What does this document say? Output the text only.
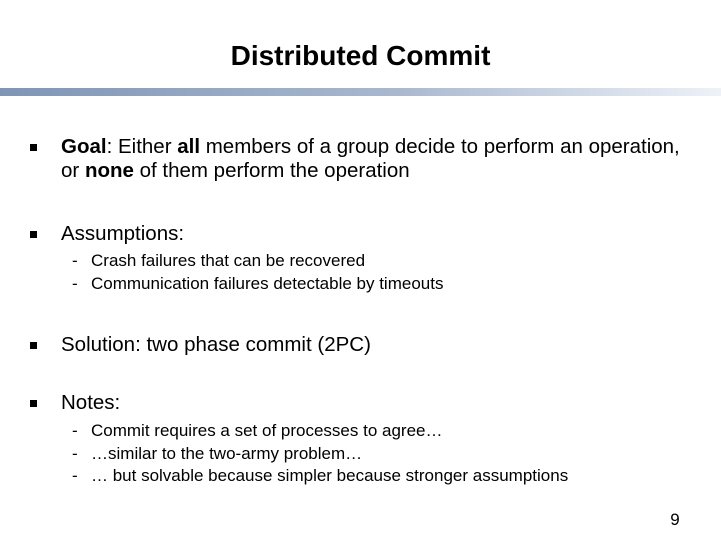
Distributed Commit
Goal: Either all members of a group decide to perform an operation, or none of them perform the operation
Assumptions:
- Crash failures that can be recovered
- Communication failures detectable by timeouts
Solution: two phase commit (2PC)
Notes:
- Commit requires a set of processes to agree…
- …similar to the two-army problem…
- … but solvable because simpler because stronger assumptions
9
